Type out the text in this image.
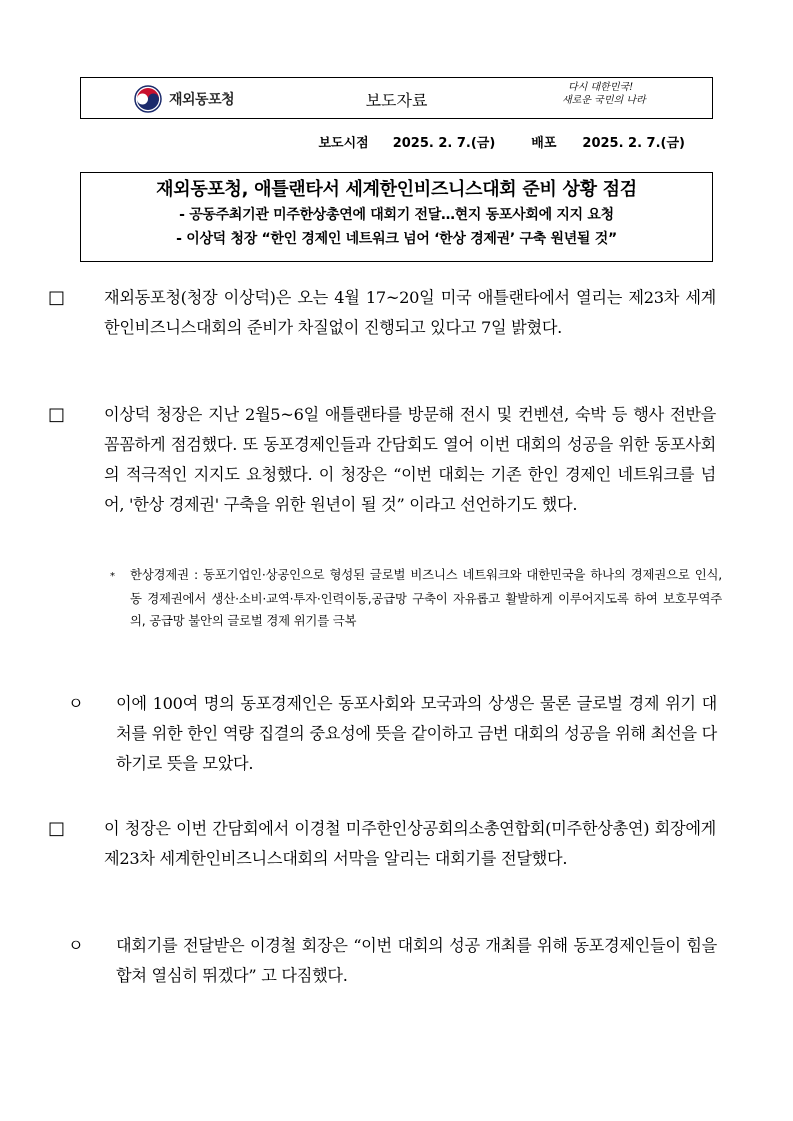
재외동포청	보도자료
다시 대한민국!
새로운 국민의 나라
보도시점 2025. 2. 7.(금)	배포 2025. 2. 7.(금)
재외동포청, 애틀랜타서 세계한인비즈니스대회 준비 상황 점검
- 공동주최기관 미주한상총연에 대회기 전달…현지 동포사회에 지지 요청
- 이상덕 청장 “한인 경제인 네트워크 넘어 ‘한상 경제권’ 구축 원년될 것”
□ 재외동포청(청장 이상덕)은 오는 4월 17~20일 미국 애틀랜타에서 열리는 제23차 세계한인비즈니스대회의 준비가 차질없이 진행되고 있다고 7일 밝혔다.
□ 이상덕 청장은 지난 2월5~6일 애틀랜타를 방문해 전시 및 컨벤션, 숙박 등 행사 전반을 꼼꼼하게 점검했다. 또 동포경제인들과 간담회도 열어 이번 대회의 성공을 위한 동포사회의 적극적인 지지도 요청했다. 이 청장은 “이번 대회는 기존 한인 경제인 네트워크를 넘어, '한상 경제권' 구축을 위한 원년이 될 것” 이라고 선언하기도 했다.
* 한상경제권 : 동포기업인·상공인으로 형성된 글로벌 비즈니스 네트워크와 대한민국을 하나의 경제권으로 인식, 동 경제권에서 생산·소비·교역·투자·인력이동,공급망 구축이 자유롭고 활발하게 이루어지도록 하여 보호무역주의, 공급망 불안의 글로벌 경제 위기를 극복
ㅇ 이에 100여 명의 동포경제인은 동포사회와 모국과의 상생은 물론 글로벌 경제 위기 대처를 위한 한인 역량 집결의 중요성에 뜻을 같이하고 금번 대회의 성공을 위해 최선을 다하기로 뜻을 모았다.
□ 이 청장은 이번 간담회에서 이경철 미주한인상공회의소총연합회(미주한상총연) 회장에게 제23차 세계한인비즈니스대회의 서막을 알리는 대회기를 전달했다.
ㅇ 대회기를 전달받은 이경철 회장은 “이번 대회의 성공 개최를 위해 동포경제인들이 힘을 합쳐 열심히 뛰겠다” 고 다짐했다.
